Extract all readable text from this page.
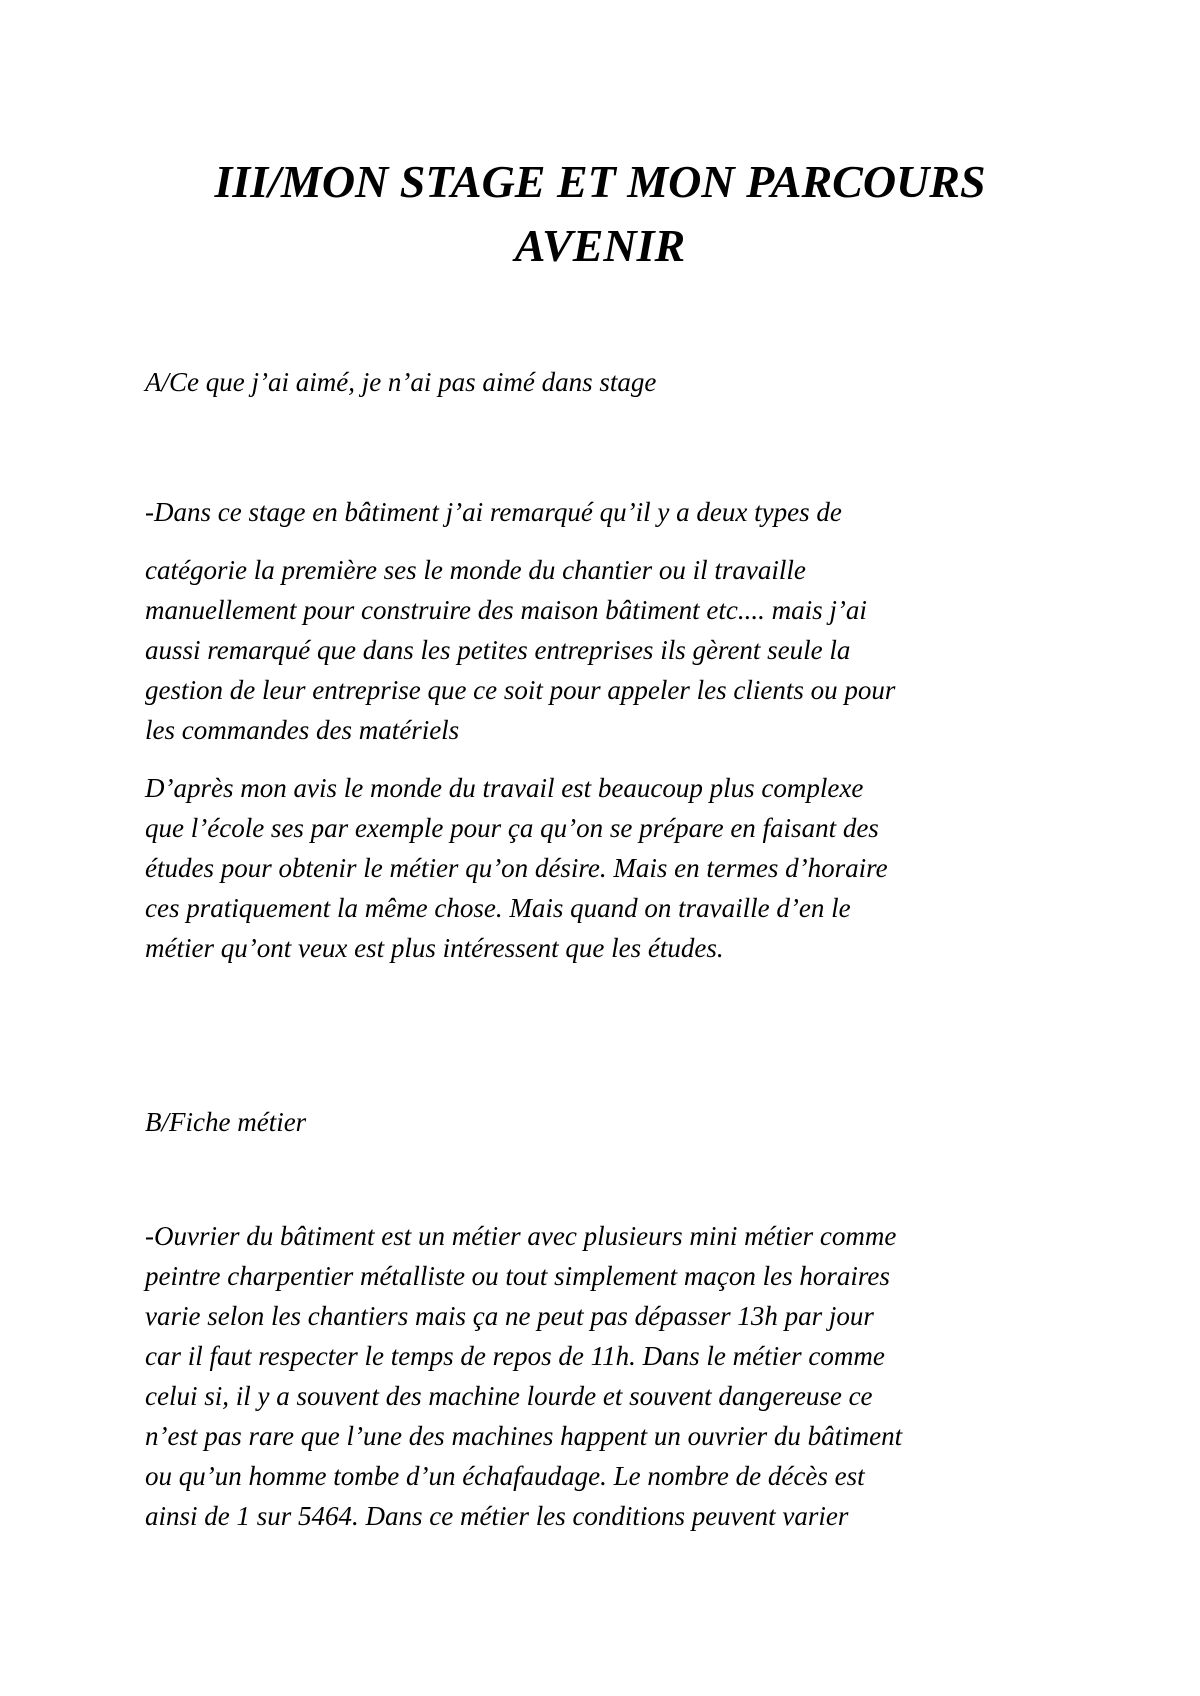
III/MON STAGE ET MON PARCOURS
AVENIR

A/Ce que j’ai aimé, je n’ai pas aimé dans stage

-Dans ce stage en bâtiment j’ai remarqué qu’il y a deux types de

catégorie la première ses le monde du chantier ou il travaille
manuellement pour construire des maison bâtiment etc.... mais j’ai
aussi remarqué que dans les petites entreprises ils gèrent seule la
gestion de leur entreprise que ce soit pour appeler les clients ou pour
les commandes des matériels

D’après mon avis le monde du travail est beaucoup plus complexe
que l’école ses par exemple pour ça qu’on se prépare en faisant des
études pour obtenir le métier qu’on désire. Mais en termes d’horaire
ces pratiquement la même chose. Mais quand on travaille d’en le
métier qu’ont veux est plus intéressent que les études.

B/Fiche métier

-Ouvrier du bâtiment est un métier avec plusieurs mini métier comme
peintre charpentier métalliste ou tout simplement maçon les horaires
varie selon les chantiers mais ça ne peut pas dépasser 13h par jour
car il faut respecter le temps de repos de 11h. Dans le métier comme
celui si, il y a souvent des machine lourde et souvent dangereuse ce
n’est pas rare que l’une des machines happent un ouvrier du bâtiment
ou qu’un homme tombe d’un échafaudage. Le nombre de décès est
ainsi de 1 sur 5464. Dans ce métier les conditions peuvent varier
